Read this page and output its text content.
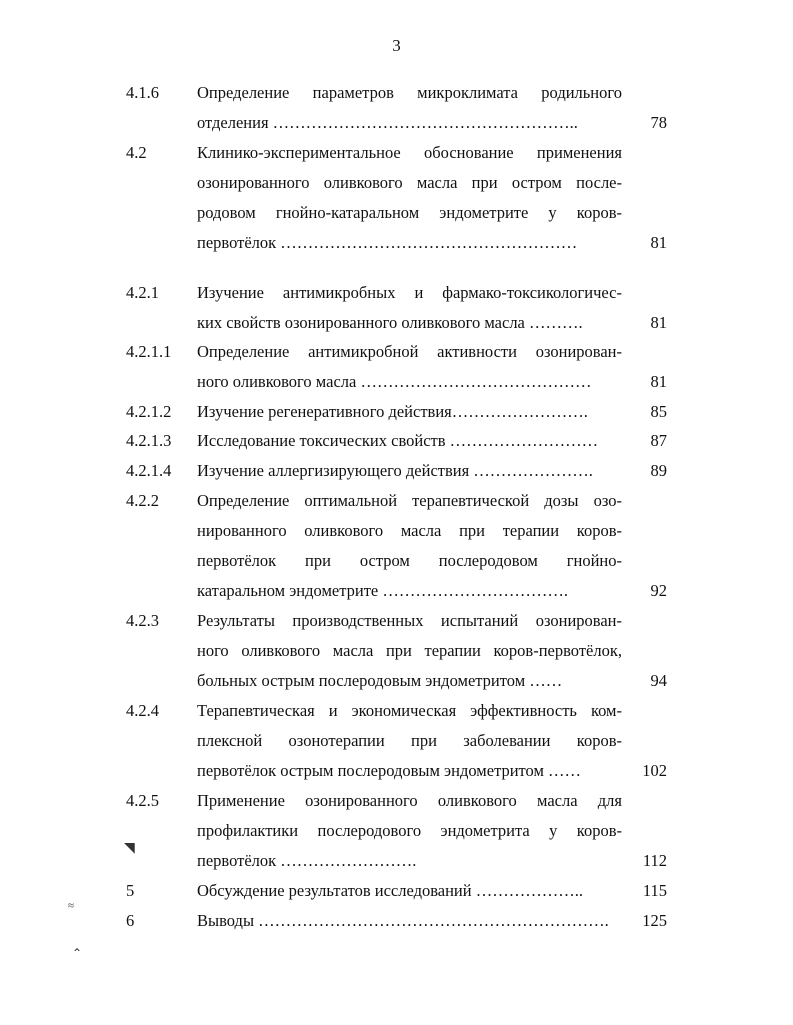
3
4.1.6 Определение параметров микроклимата родильного
отделения ………………………………………………..	78
4.2	Клинико-экспериментальное обоснование применения
озонированного оливкового масла при остром после-
родовом гнойно-катаральном эндометрите у коров-
первотёлок ………………………………………………	81
4.2.1 Изучение антимикробных и фармако-токсикологичес-
ких свойств озонированного оливкового масла ……….	81
4.2.1.1 Определение антимикробной активности озонирован-
ного оливкового масла ……………………………………	81
4.2.1.2 Изучение регенеративного действия…………………….	85
4.2.1.3 Исследование токсических свойств ………………………	87
4.2.1.4 Изучение аллергизирующего действия ………………….	89
4.2.2 Определение оптимальной терапевтической дозы озо-
нированного оливкового масла при терапии коров-
первотёлок при остром послеродовом гнойно-
катаральном эндометрите …………………………….	92
4.2.3 Результаты производственных испытаний озонирован-
ного оливкового масла при терапии коров-первотёлок,
больных острым послеродовым эндометритом ……	94
4.2.4 Терапевтическая и экономическая эффективность ком-
плексной озонотерапии при заболевании коров-
первотёлок острым послеродовым эндометритом ……	102
4.2.5 Применение озонированного оливкового масла для
профилактики послеродового эндометрита у коров-
первотёлок …………………….	112
5	Обсуждение результатов исследований ………………..	115
6	Выводы ……………………………………………………….	125
◥
≈
⌃
